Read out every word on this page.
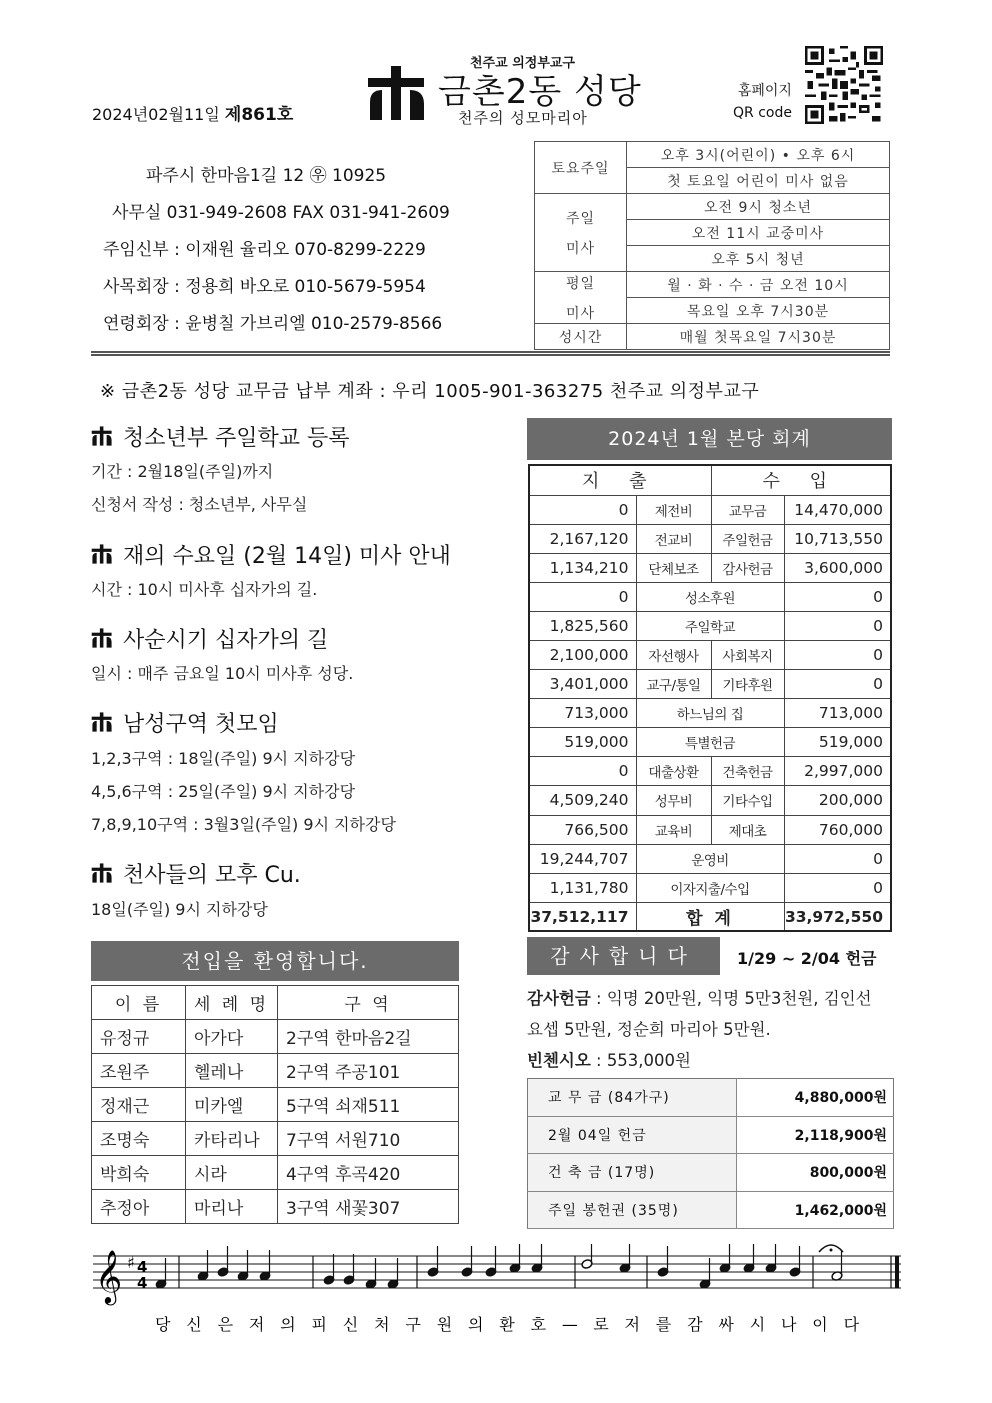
2024년02월11일 제861호
천주교 의정부교구
금촌2동 성당
천주의 성모마리아
홈페이지
QR code
파주시 한마음1길 12 ㉾ 10925
사무실 031-949-2608 FAX 031-941-2609
주임신부 : 이재원 율리오 070-8299-2229
사목회장 : 정용희 바오로 010-5679-5954
연령회장 : 윤병칠 가브리엘 010-2579-8566
토요주일	오후 3시(어린이) • 오후 6시
	첫 토요일 어린이 미사 없음

주일
미사	오전 9시 청소년
	오전 11시 교중미사
	오후 5시 청년

평일
미사	월 · 화 · 수 · 금 오전 10시
	목요일 오후 7시30분
성시간	매월 첫목요일 7시30분
※ 금촌2동 성당 교무금 납부 계좌 : 우리 1005-901-363275 천주교 의정부교구
청소년부 주일학교 등록
기간 : 2월18일(주일)까지
신청서 작성 : 청소년부, 사무실
재의 수요일 (2월 14일) 미사 안내
시간 : 10시 미사후 십자가의 길.
사순시기 십자가의 길
일시 : 매주 금요일 10시 미사후 성당.
남성구역 첫모임
1,2,3구역 : 18일(주일) 9시 지하강당
4,5,6구역 : 25일(주일) 9시 지하강당
7,8,9,10구역 : 3월3일(주일) 9시 지하강당
천사들의 모후 Cu.
18일(주일) 9시 지하강당
전입을 환영합니다.
이 름	세 례 명	구 역
유정규	아가다	2구역 한마음2길
조원주	헬레나	2구역 주공101
정재근	미카엘	5구역 쇠재511
조명숙	카타리나	7구역 서원710
박희숙	시라	4구역 후곡420
추정아	마리나	3구역 새꽃307
2024년 1월 본당 회계
지 출		수 입	
0	제전비	교무금	14,470,000
2,167,120	전교비	주일헌금	10,713,550
1,134,210	단체보조	감사헌금	3,600,000
0	성소후원		0
1,825,560	주일학교		0
2,100,000	자선행사	사회복지	0
3,401,000	교구/통일	기타후원	0
713,000	하느님의 집		713,000
519,000	특별헌금		519,000
0	대출상환	건축헌금	2,997,000
4,509,240	성무비	기타수입	200,000
766,500	교육비	제대초	760,000
19,244,707	운영비		0
1,131,780	이자지출/수입		0
37,512,117	합 계		33,972,550
감사합니다	1/29 ~ 2/04 헌금
감사헌금 : 익명 20만원, 익명 5만3천원, 김인선
요셉 5만원, 정순희 마리아 5만원.
빈첸시오 : 553,000원
교 무 금 (84가구)	4,880,000원
2월 04일 헌금	2,118,900원
건 축 금 (17명)	800,000원
주일 봉헌권 (35명)	1,462,000원
𝄞 ♯ 4
4
당 신 은 저 의 피 신 처 구 원 의 환 호 — 로 저 를 감 싸 시 나 이 다
